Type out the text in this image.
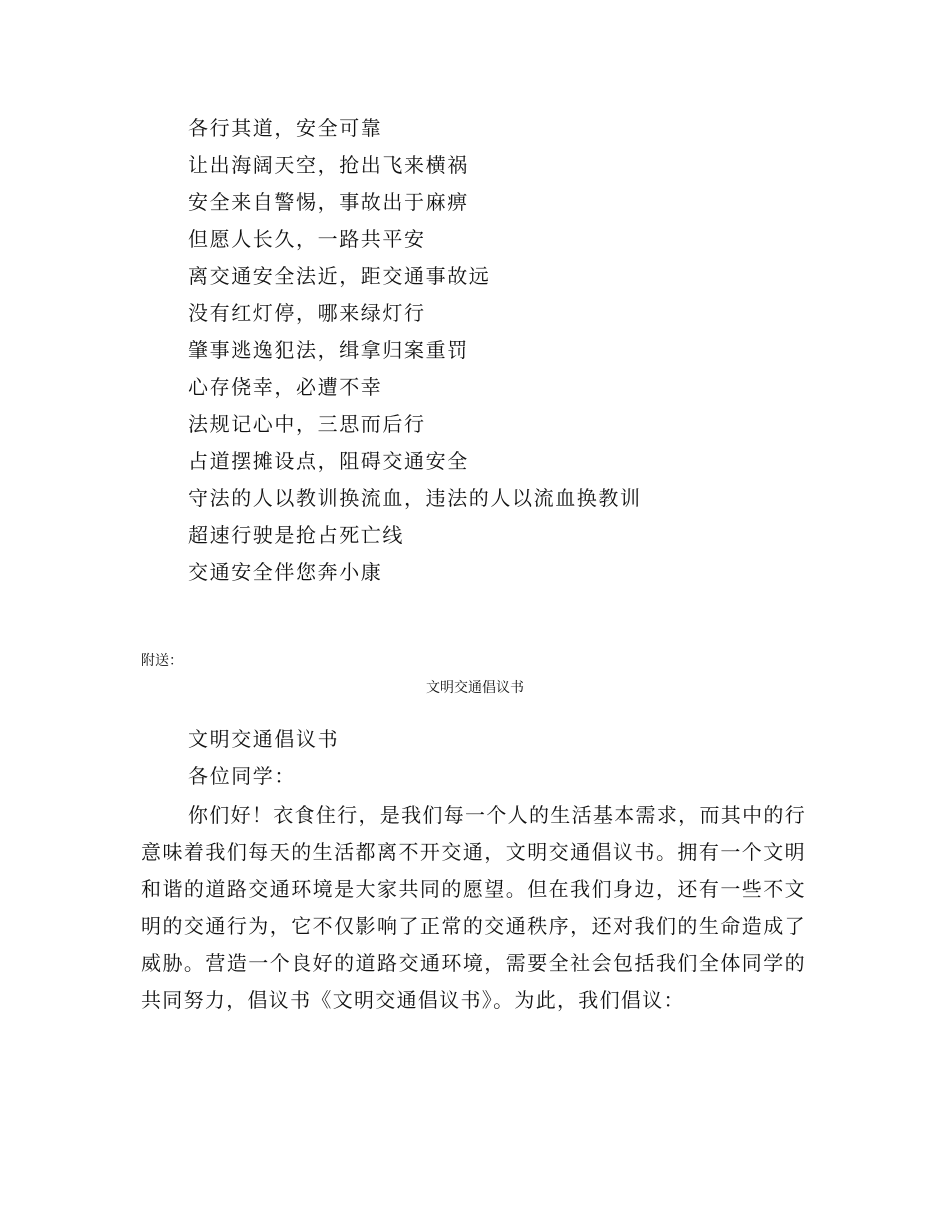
各行其道，安全可靠
让出海阔天空，抢出飞来横祸
安全来自警惕，事故出于麻痹
但愿人长久，一路共平安
离交通安全法近，距交通事故远
没有红灯停，哪来绿灯行
肇事逃逸犯法，缉拿归案重罚
心存侥幸，必遭不幸
法规记心中，三思而后行
占道摆摊设点，阻碍交通安全
守法的人以教训换流血，违法的人以流血换教训
超速行驶是抢占死亡线
交通安全伴您奔小康
附送：
文明交通倡议书
文明交通倡议书
各位同学：

你们好！衣食住行，是我们每一个人的生活基本需求，而其中的行意味着我们每天的生活都离不开交通，文明交通倡议书。拥有一个文明和谐的道路交通环境是大家共同的愿望。但在我们身边，还有一些不文明的交通行为，它不仅影响了正常的交通秩序，还对我们的生命造成了威胁。营造一个良好的道路交通环境，需要全社会包括我们全体同学的共同努力，倡议书《文明交通倡议书》。为此，我们倡议：
